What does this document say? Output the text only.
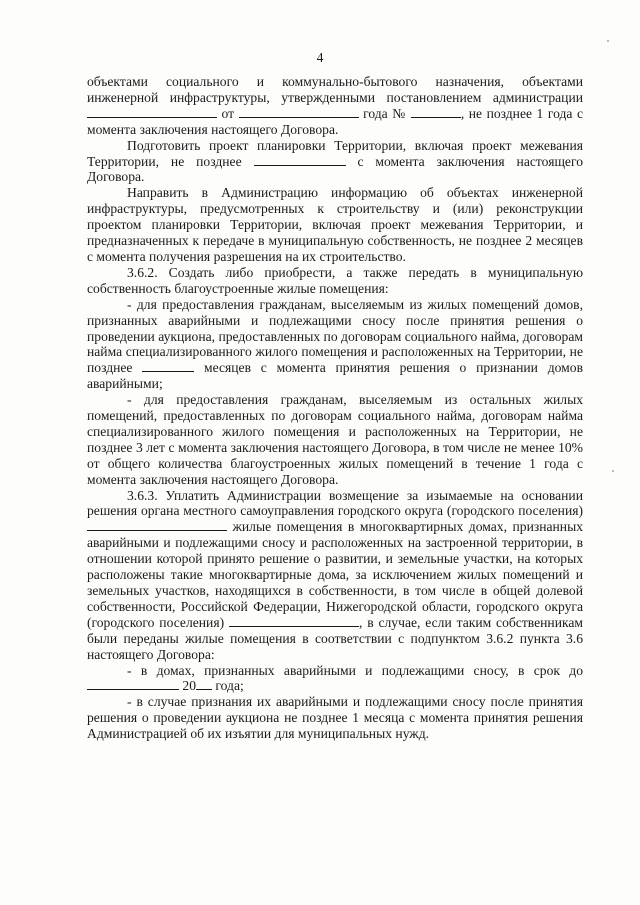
4

объектами социального и коммунально-бытового назначения, объектами инженерной инфраструктуры, утвержденными постановлением администрации  от	года №	, не позднее 1 года с момента заключения настоящего Договора.

Подготовить проект планировки Территории, включая проект межевания Территории, не позднее	с момента заключения настоящего Договора.

Направить в Администрацию информацию об объектах инженерной инфраструктуры, предусмотренных к строительству и (или) реконструкции проектом планировки Территории, включая проект межевания Территории, и предназначенных к передаче в муниципальную собственность, не позднее 2 месяцев с момента получения разрешения на их строительство.

3.6.2. Создать либо приобрести, а также передать в муниципальную собственность благоустроенные жилые помещения:

- для предоставления гражданам, выселяемым из жилых помещений домов, признанных аварийными и подлежащими сносу после принятия решения о проведении аукциона, предоставленных по договорам социального найма, договорам найма специализированного жилого помещения и расположенных на Территории, не позднее	месяцев с момента принятия решения о признании домов аварийными;

- для предоставления гражданам, выселяемым из остальных жилых помещений, предоставленных по договорам социального найма, договорам найма специализированного жилого помещения и расположенных на Территории, не позднее 3 лет с момента заключения настоящего Договора, в том числе не менее 10% от общего количества благоустроенных жилых помещений в течение 1 года с момента заключения настоящего Договора.

3.6.3. Уплатить Администрации возмещение за изымаемые на основании решения органа местного самоуправления городского округа (городского поселения)  жилые помещения в многоквартирных домах, признанных аварийными и подлежащими сносу и расположенных на застроенной территории, в отношении которой принято решение о развитии, и земельные участки, на которых расположены такие многоквартирные дома, за исключением жилых помещений и земельных участков, находящихся в собственности, в том числе в общей долевой собственности, Российской Федерации, Нижегородской области, городского округа (городского поселения)	, в случае, если таким собственникам были переданы жилые помещения в соответствии с подпунктом 3.6.2 пункта 3.6 настоящего Договора:

- в домах, признанных аварийными и подлежащими сносу, в срок до  20 года;

- в случае признания их аварийными и подлежащими сносу после принятия решения о проведении аукциона не позднее 1 месяца с момента принятия решения Администрацией об их изъятии для муниципальных нужд.
